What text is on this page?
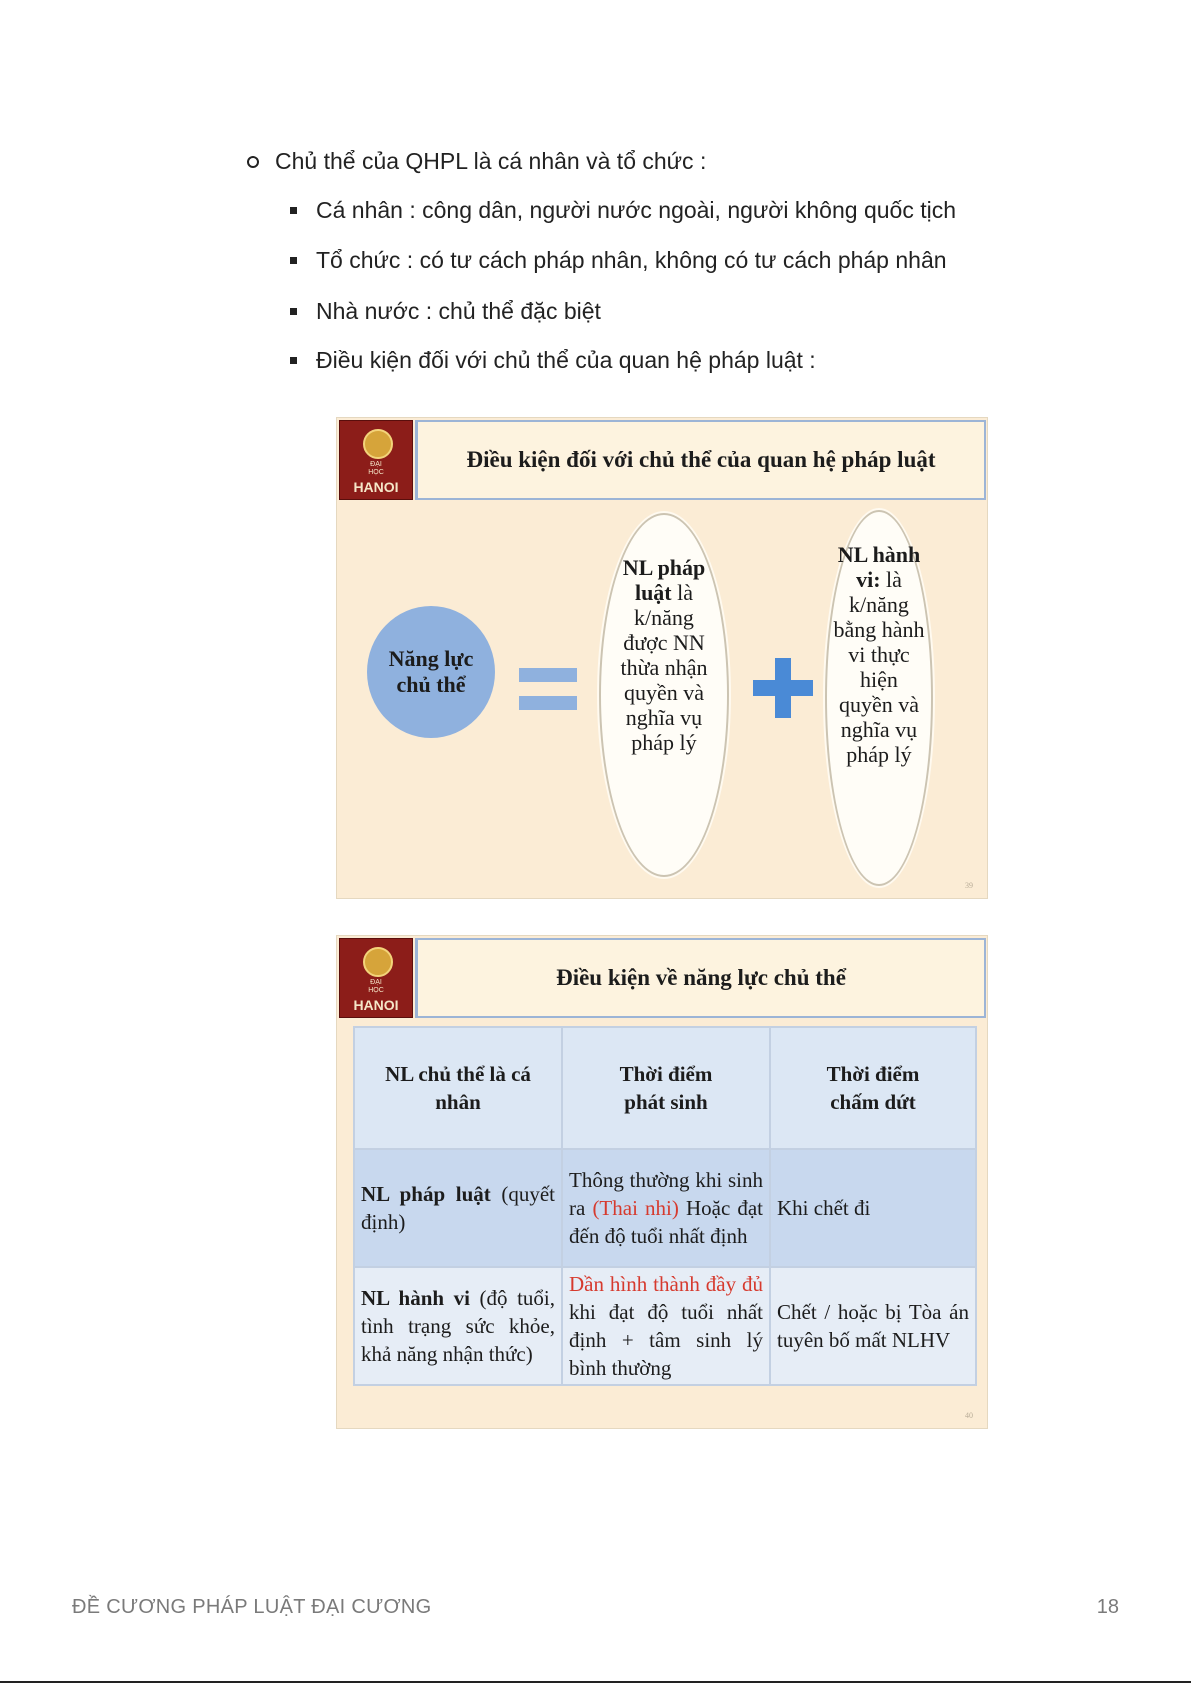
Chủ thể của QHPL là cá nhân và tổ chức :
Cá nhân : công dân, người nước ngoài, người không quốc tịch
Tổ chức : có tư cách pháp nhân, không có tư cách pháp nhân
Nhà nước : chủ thể đặc biệt
Điều kiện đối với chủ thể của quan hệ pháp luật :
ĐẠI
HỌC
HANOI
Điều kiện đối với chủ thể của quan hệ pháp luật
Năng lực chủ thể
NL pháp luật là k/năng được NN thừa nhận quyền và nghĩa vụ pháp lý
NL hành vi: là k/năng bằng hành vi thực hiện quyền và nghĩa vụ pháp lý
39
ĐẠI
HỌC
HANOI
Điều kiện về năng lực chủ thể
NL chủ thể là cá nhân	Thời điểm phát sinh	Thời điểm chấm dứt
NL pháp luật (quyết định)	Thông thường khi sinh ra (Thai nhi) Hoặc đạt đến độ tuổi nhất định	Khi chết đi
NL hành vi (độ tuổi, tình trạng sức khỏe, khả năng nhận thức)	Dần hình thành đầy đủ khi đạt độ tuổi nhất định + tâm sinh lý bình thường	Chết / hoặc bị Tòa án tuyên bố mất NLHV
40
ĐỀ CƯƠNG PHÁP LUẬT ĐẠI CƯƠNG	18
